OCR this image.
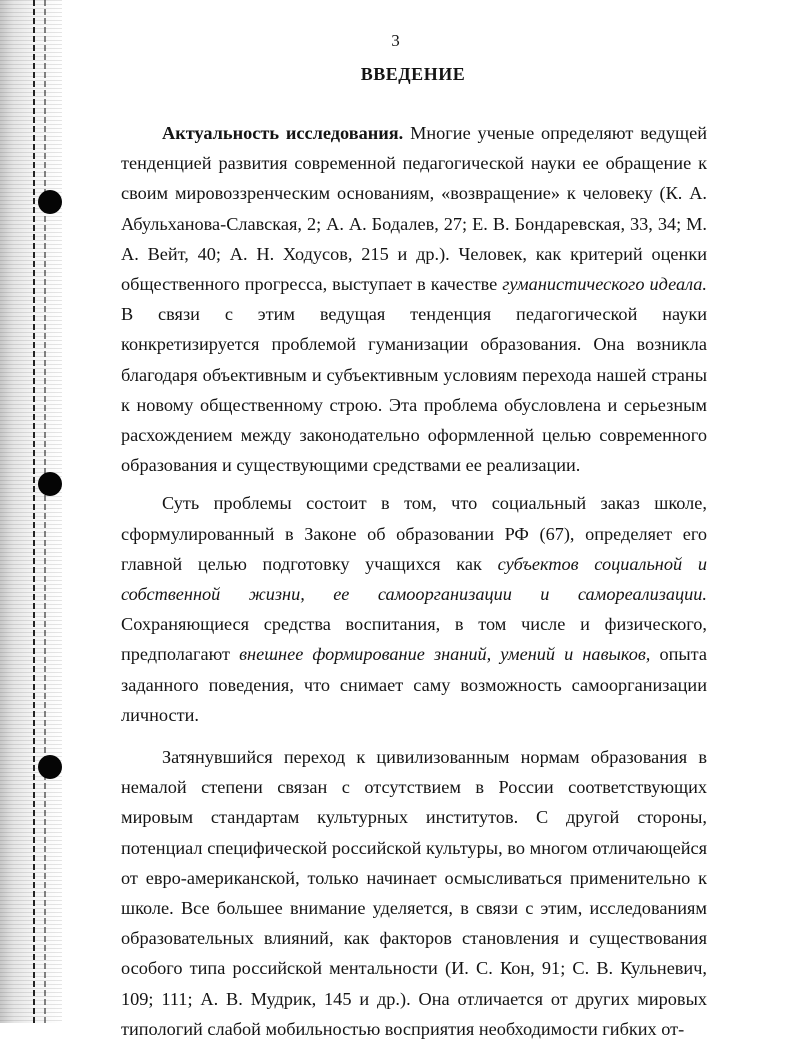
3
ВВЕДЕНИЕ

Актуальность исследования. Многие ученые определяют ведущей тенденцией развития современной педагогической науки ее обращение к своим мировоззренческим основаниям, «возвращение» к человеку (К. А. Абульханова-Славская, 2; А. А. Бодалев, 27; Е. В. Бондаревская, 33, 34; М. А. Вейт, 40; А. Н. Ходусов, 215 и др.). Человек, как критерий оценки общественного прогресса, выступает в качестве гуманистического идеала. В связи с этим ведущая тенденция педагогической науки конкретизируется проблемой гуманизации образования. Она возникла благодаря объективным и субъективным условиям перехода нашей страны к новому общественному строю. Эта проблема обусловлена и серьезным расхождением между законодательно оформленной целью современного образования и существующими средствами ее реализации.

Суть проблемы состоит в том, что социальный заказ школе, сформулированный в Законе об образовании РФ (67), определяет его главной целью подготовку учащихся как субъектов социальной и собственной жизни, ее самоорганизации и самореализации. Сохраняющиеся средства воспитания, в том числе и физического, предполагают внешнее формирование знаний, умений и навыков, опыта заданного поведения, что снимает саму возможность самоорганизации личности.

Затянувшийся переход к цивилизованным нормам образования в немалой степени связан с отсутствием в России соответствующих мировым стандартам культурных институтов. С другой стороны, потенциал специфической российской культуры, во многом отличающейся от евро-американской, только начинает осмысливаться применительно к школе. Все большее внимание уделяется, в связи с этим, исследованиям образовательных влияний, как факторов становления и существования особого типа российской ментальности (И. С. Кон, 91; С. В. Кульневич, 109; 111; А. В. Мудрик, 145 и др.). Она отличается от других мировых типологий слабой мобильностью восприятия необходимости гибких от-
